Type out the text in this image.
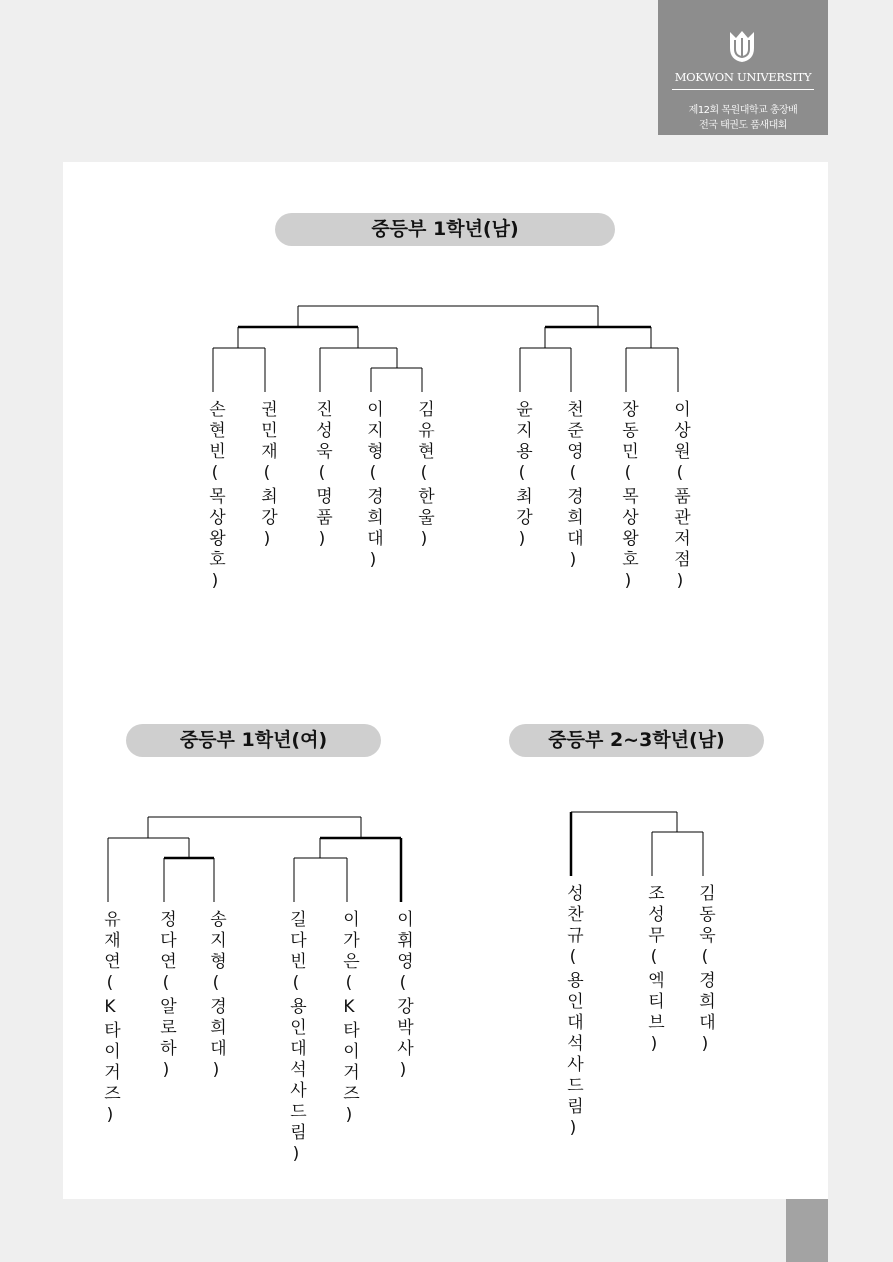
MOKWON UNIVERSITY
제12회 목원대학교 총장배
전국 태권도 품새대회
중등부 1학년(남)
중등부 1학년(여)	중등부 2~3학년(남)
손현빈(목상왕호)	권민재(최강)	진성욱(명품)	이지형(경희대)	김유현(한울)	윤지용(최강)	천준영(경희대)	장동민(목상왕호)	이상원(품관저점)
유재연(K타이거즈)	정다연(알로하)	송지형(경희대)	길다빈(용인대석사드림)	이가은(K타이거즈)	이휘영(강박사)	성찬규(용인대석사드림)	조성무(엑티브)	김동욱(경희대)
